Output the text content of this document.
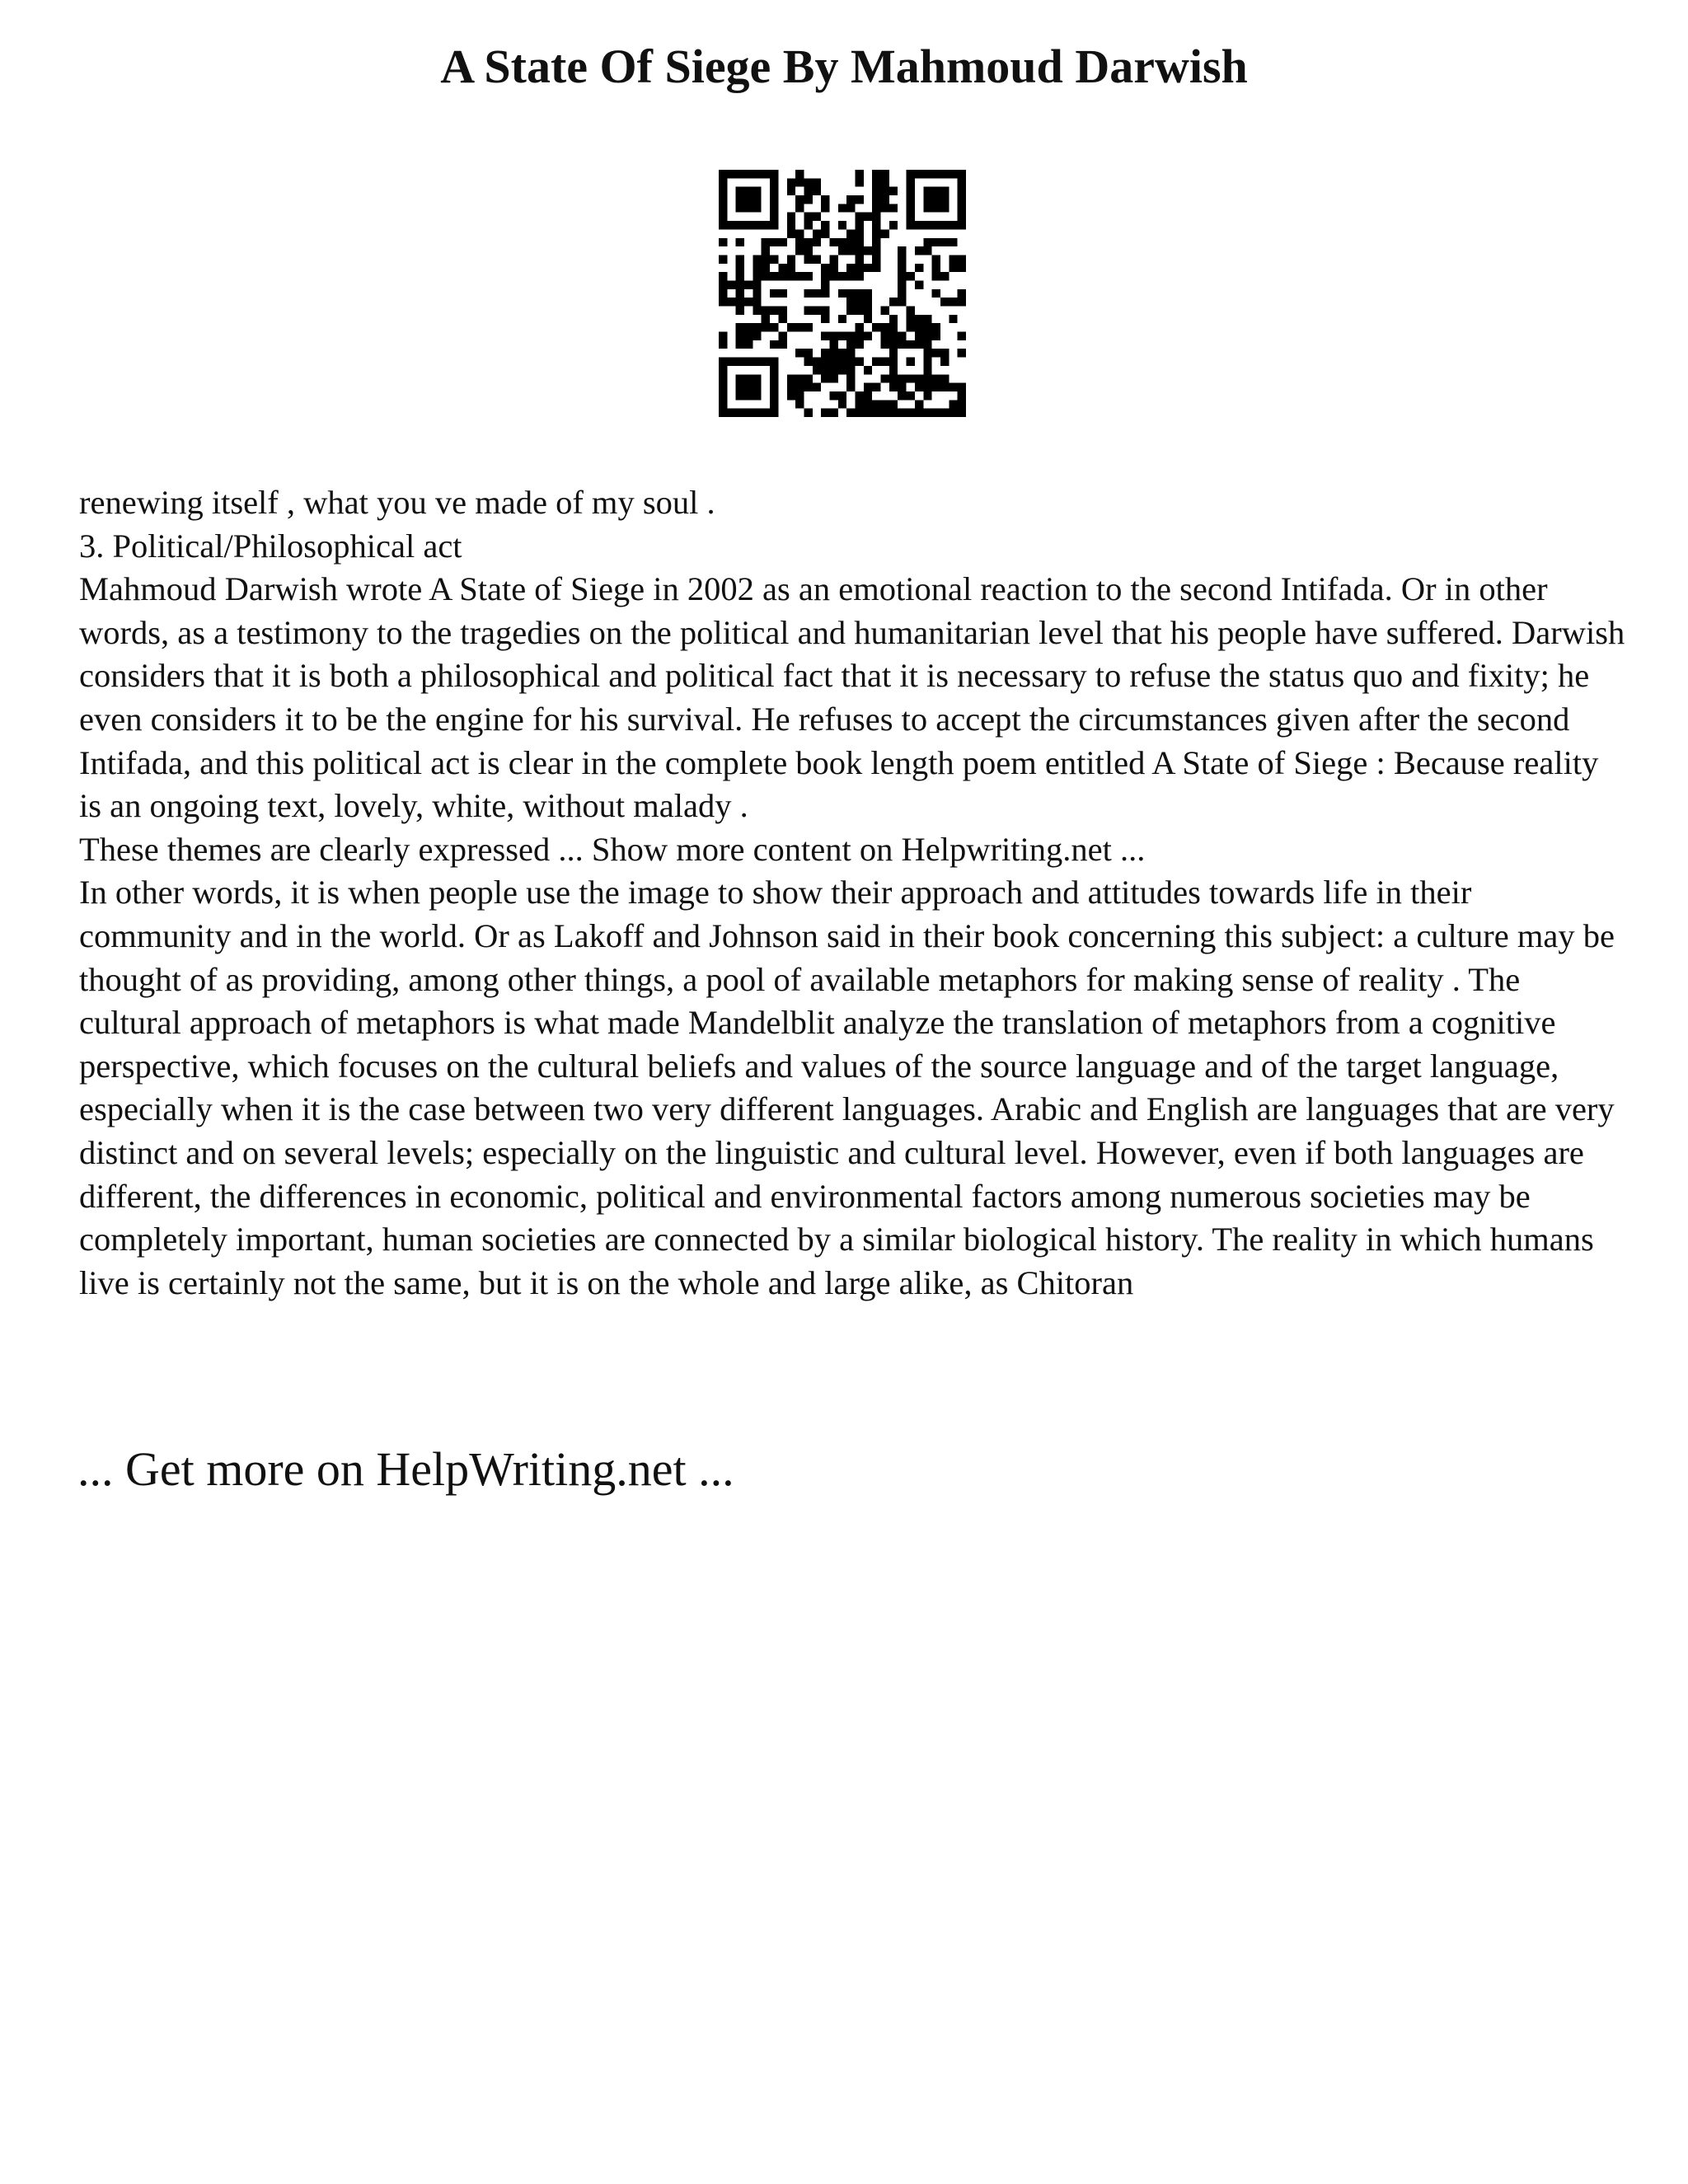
A State Of Siege By Mahmoud Darwish

renewing itself , what you ve made of my soul .

3. Political/Philosophical act

Mahmoud Darwish wrote A State of Siege in 2002 as an emotional reaction to the second Intifada. Or in other words, as a testimony to the tragedies on the political and humanitarian level that his people have suffered. Darwish considers that it is both a philosophical and political fact that it is necessary to refuse the status quo and fixity; he even considers it to be the engine for his survival. He refuses to accept the circumstances given after the second Intifada, and this political act is clear in the complete book length poem entitled A State of Siege : Because reality is an ongoing text, lovely, white, without malady .

These themes are clearly expressed ... Show more content on Helpwriting.net ...

In other words, it is when people use the image to show their approach and attitudes towards life in their community and in the world. Or as Lakoff and Johnson said in their book concerning this subject: a culture may be thought of as providing, among other things, a pool of available metaphors for making sense of reality . The cultural approach of metaphors is what made Mandelblit analyze the translation of metaphors from a cognitive perspective, which focuses on the cultural beliefs and values of the source language and of the target language, especially when it is the case between two very different languages. Arabic and English are languages that are very distinct and on several levels; especially on the linguistic and cultural level. However, even if both languages are different, the differences in economic, political and environmental factors among numerous societies may be completely important, human societies are connected by a similar biological history. The reality in which humans live is certainly not the same, but it is on the whole and large alike, as Chitoran

... Get more on HelpWriting.net ...
